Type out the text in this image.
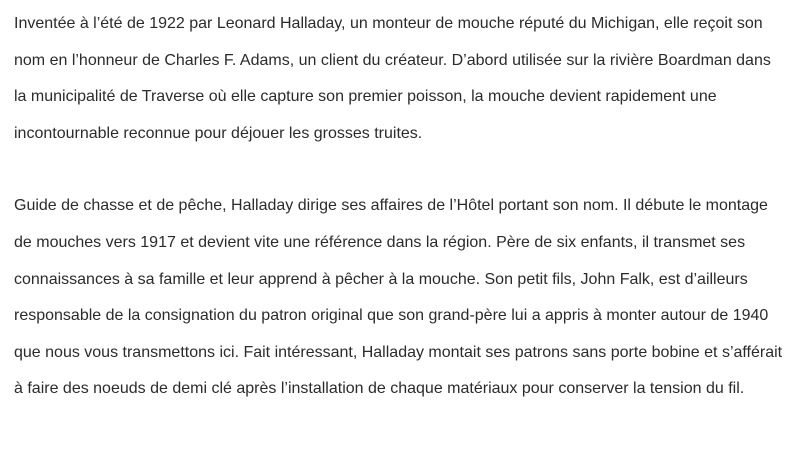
Inventée à l’été de 1922 par Leonard Halladay, un monteur de mouche réputé du Michigan, elle reçoit son nom en l’honneur de Charles F. Adams, un client du créateur. D’abord utilisée sur la rivière Boardman dans la municipalité de Traverse où elle capture son premier poisson, la mouche devient rapidement une incontournable reconnue pour déjouer les grosses truites.

Guide de chasse et de pêche, Halladay dirige ses affaires de l’Hôtel portant son nom. Il débute le montage de mouches vers 1917 et devient vite une référence dans la région. Père de six enfants, il transmet ses connaissances à sa famille et leur apprend à pêcher à la mouche. Son petit fils, John Falk, est d’ailleurs responsable de la consignation du patron original que son grand-père lui a appris à monter autour de 1940 que nous vous transmettons ici. Fait intéressant, Halladay montait ses patrons sans porte bobine et s’afférait à faire des noeuds de demi clé après l’installation de chaque matériaux pour conserver la tension du fil.
